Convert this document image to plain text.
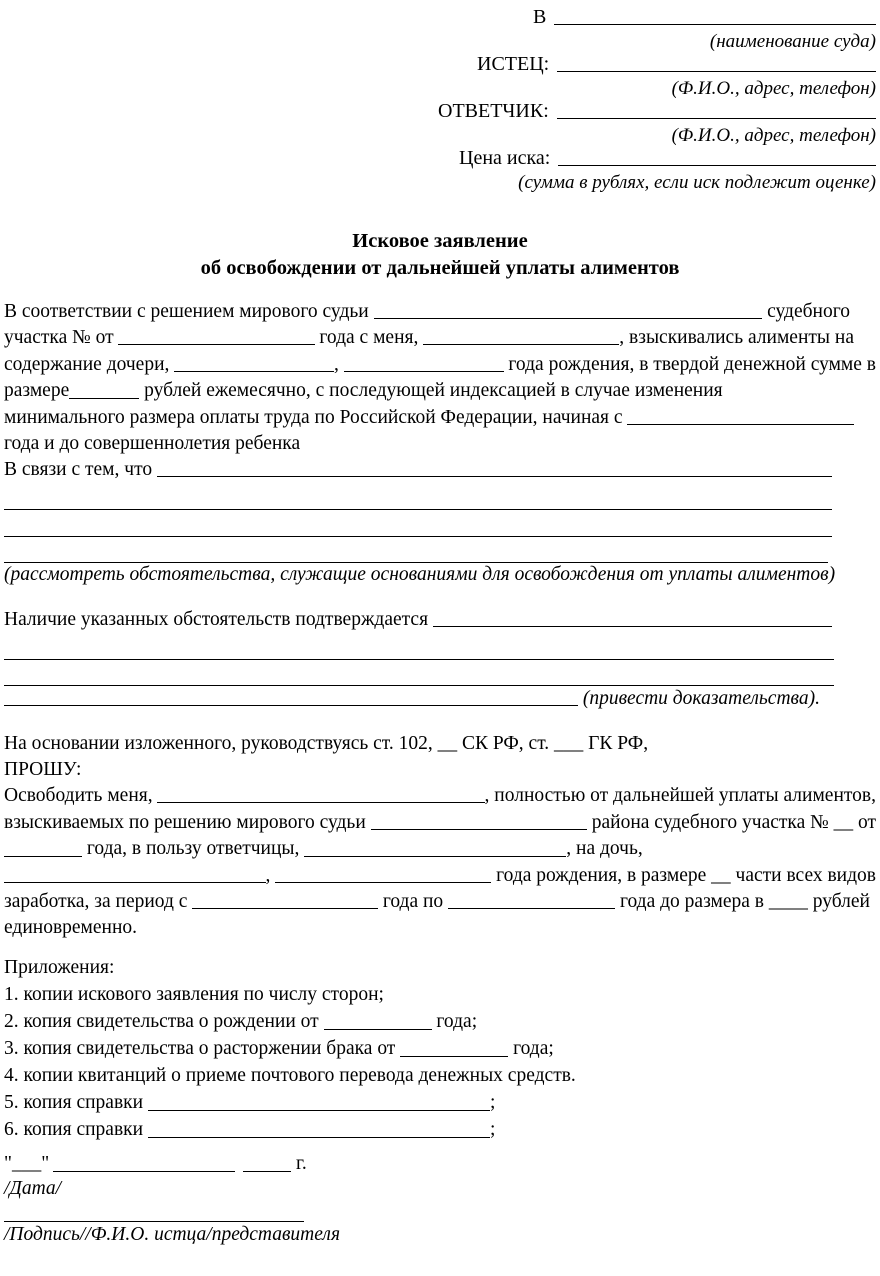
В
(наименование суда)
ИСТЕЦ:
(Ф.И.О., адрес, телефон)
ОТВЕТЧИК:
(Ф.И.О., адрес, телефон)
Цена иска:
(сумма в рублях, если иск подлежит оценке)
Исковое заявление
об освобождении от дальнейшей уплаты алиментов
В соответствии с решением мирового судьи	судебного
участка № от	года с меня,	, взыскивались алименты на
содержание дочери,	,	года рождения, в твердой денежной сумме в
размере	рублей ежемесячно, с последующей индексацией в случае изменения
минимального размера оплаты труда по Российской Федерации, начиная с
года и до совершеннолетия ребенка
В связи с тем, что
(рассмотреть обстоятельства, служащие основаниями для освобождения от уплаты алиментов)
Наличие указанных обстоятельств подтверждается
(привести доказательства).
На основании изложенного, руководствуясь ст. 102, __ СК РФ, ст. ___ ГК РФ,
ПРОШУ:
Освободить меня,	, полностью от дальнейшей уплаты алиментов,
взыскиваемых по решению мирового судьи	района судебного участка № __ от
года, в пользу ответчицы,	, на дочь,
,	года рождения, в размере __ части всех видов
заработка, за период с	года по	года до размера в ____ рублей
единовременно.
Приложения:
1. копии искового заявления по числу сторон;
2. копия свидетельства о рождении от	года;
3. копия свидетельства о расторжении брака от	года;
4. копии квитанций о приеме почтового перевода денежных средств.
5. копия справки	;
6. копия справки	;
"___"	г.
/Дата/
/Подпись//Ф.И.О. истца/представителя
